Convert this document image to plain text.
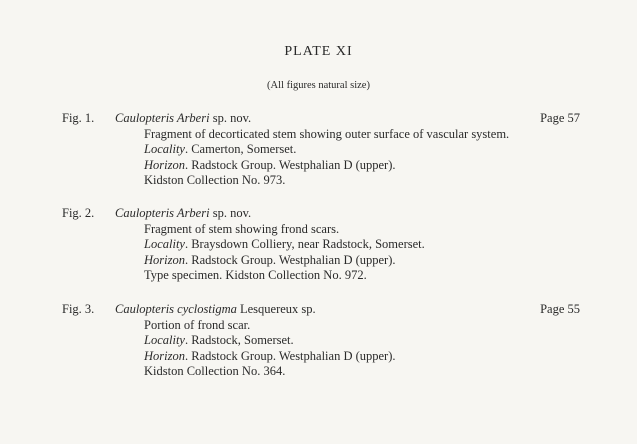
PLATE XI
(All figures natural size)
Fig. 1. Caulopteris Arberi sp. nov.	Page 57
Fragment of decorticated stem showing outer surface of vascular system.
Locality. Camerton, Somerset.
Horizon. Radstock Group. Westphalian D (upper).
Kidston Collection No. 973.
Fig. 2. Caulopteris Arberi sp. nov.
Fragment of stem showing frond scars.
Locality. Braysdown Colliery, near Radstock, Somerset.
Horizon. Radstock Group. Westphalian D (upper).
Type specimen. Kidston Collection No. 972.
Fig. 3. Caulopteris cyclostigma Lesquereux sp.	Page 55
Portion of frond scar.
Locality. Radstock, Somerset.
Horizon. Radstock Group. Westphalian D (upper).
Kidston Collection No. 364.
